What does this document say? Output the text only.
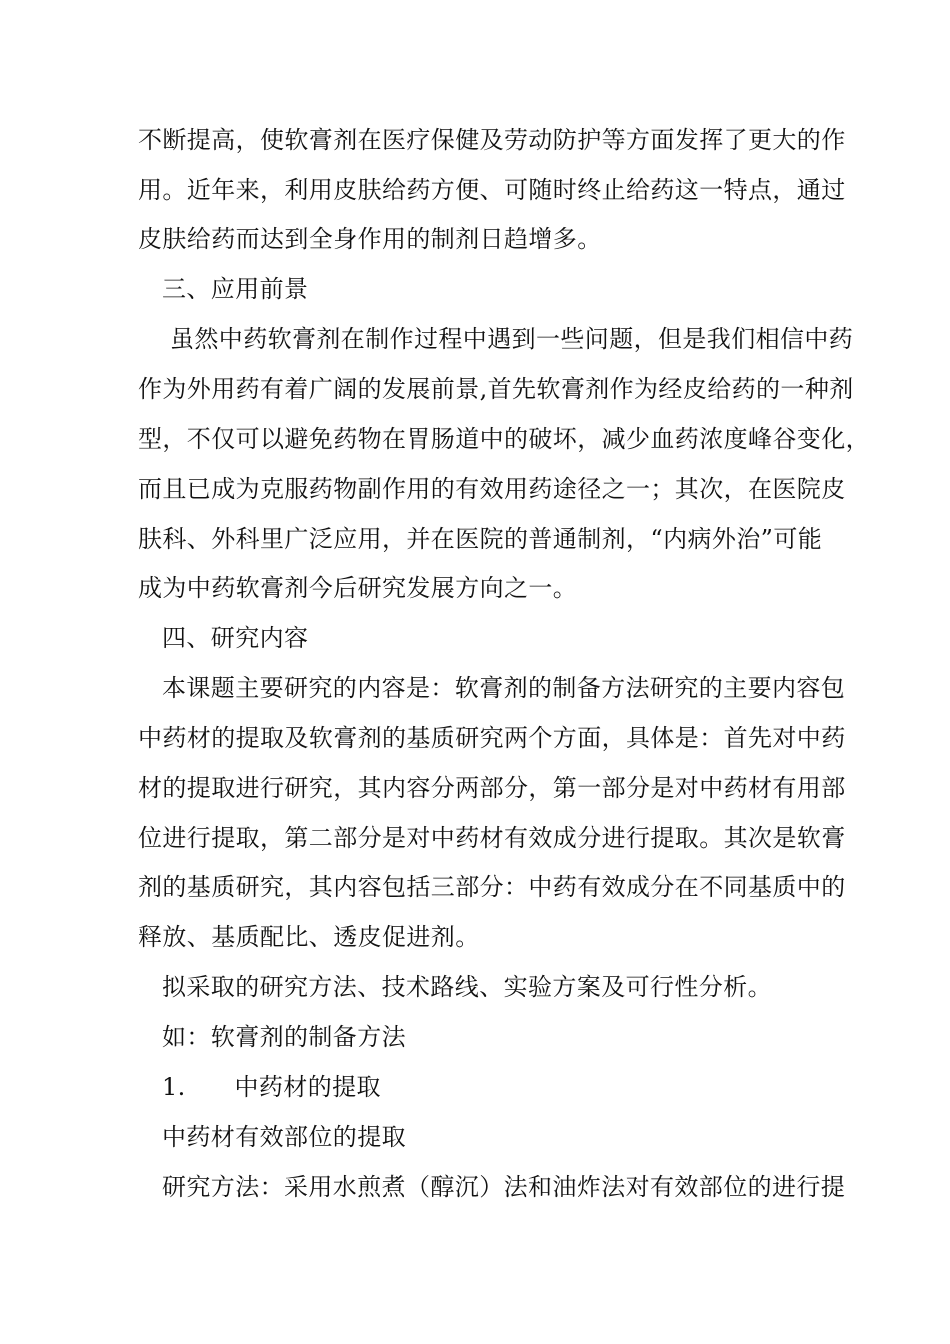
不断提高，使软膏剂在医疗保健及劳动防护等方面发挥了更大的作
用。近年来，利用皮肤给药方便、可随时终止给药这一特点，通过
皮肤给药而达到全身作用的制剂日趋增多。
三、应用前景
虽然中药软膏剂在制作过程中遇到一些问题，但是我们相信中药
作为外用药有着广阔的发展前景,首先软膏剂作为经皮给药的一种剂
型，不仅可以避免药物在胃肠道中的破坏，减少血药浓度峰谷变化，
而且已成为克服药物副作用的有效用药途径之一；其次，在医院皮
肤科、外科里广泛应用，并在医院的普通制剂，“内病外治”可能
成为中药软膏剂今后研究发展方向之一。
四、研究内容
本课题主要研究的内容是：软膏剂的制备方法研究的主要内容包
中药材的提取及软膏剂的基质研究两个方面，具体是：首先对中药
材的提取进行研究，其内容分两部分，第一部分是对中药材有用部
位进行提取，第二部分是对中药材有效成分进行提取。其次是软膏
剂的基质研究，其内容包括三部分：中药有效成分在不同基质中的
释放、基质配比、透皮促进剂。
拟采取的研究方法、技术路线、实验方案及可行性分析。
如：软膏剂的制备方法
1.　　中药材的提取
中药材有效部位的提取
研究方法：采用水煎煮（醇沉）法和油炸法对有效部位的进行提
